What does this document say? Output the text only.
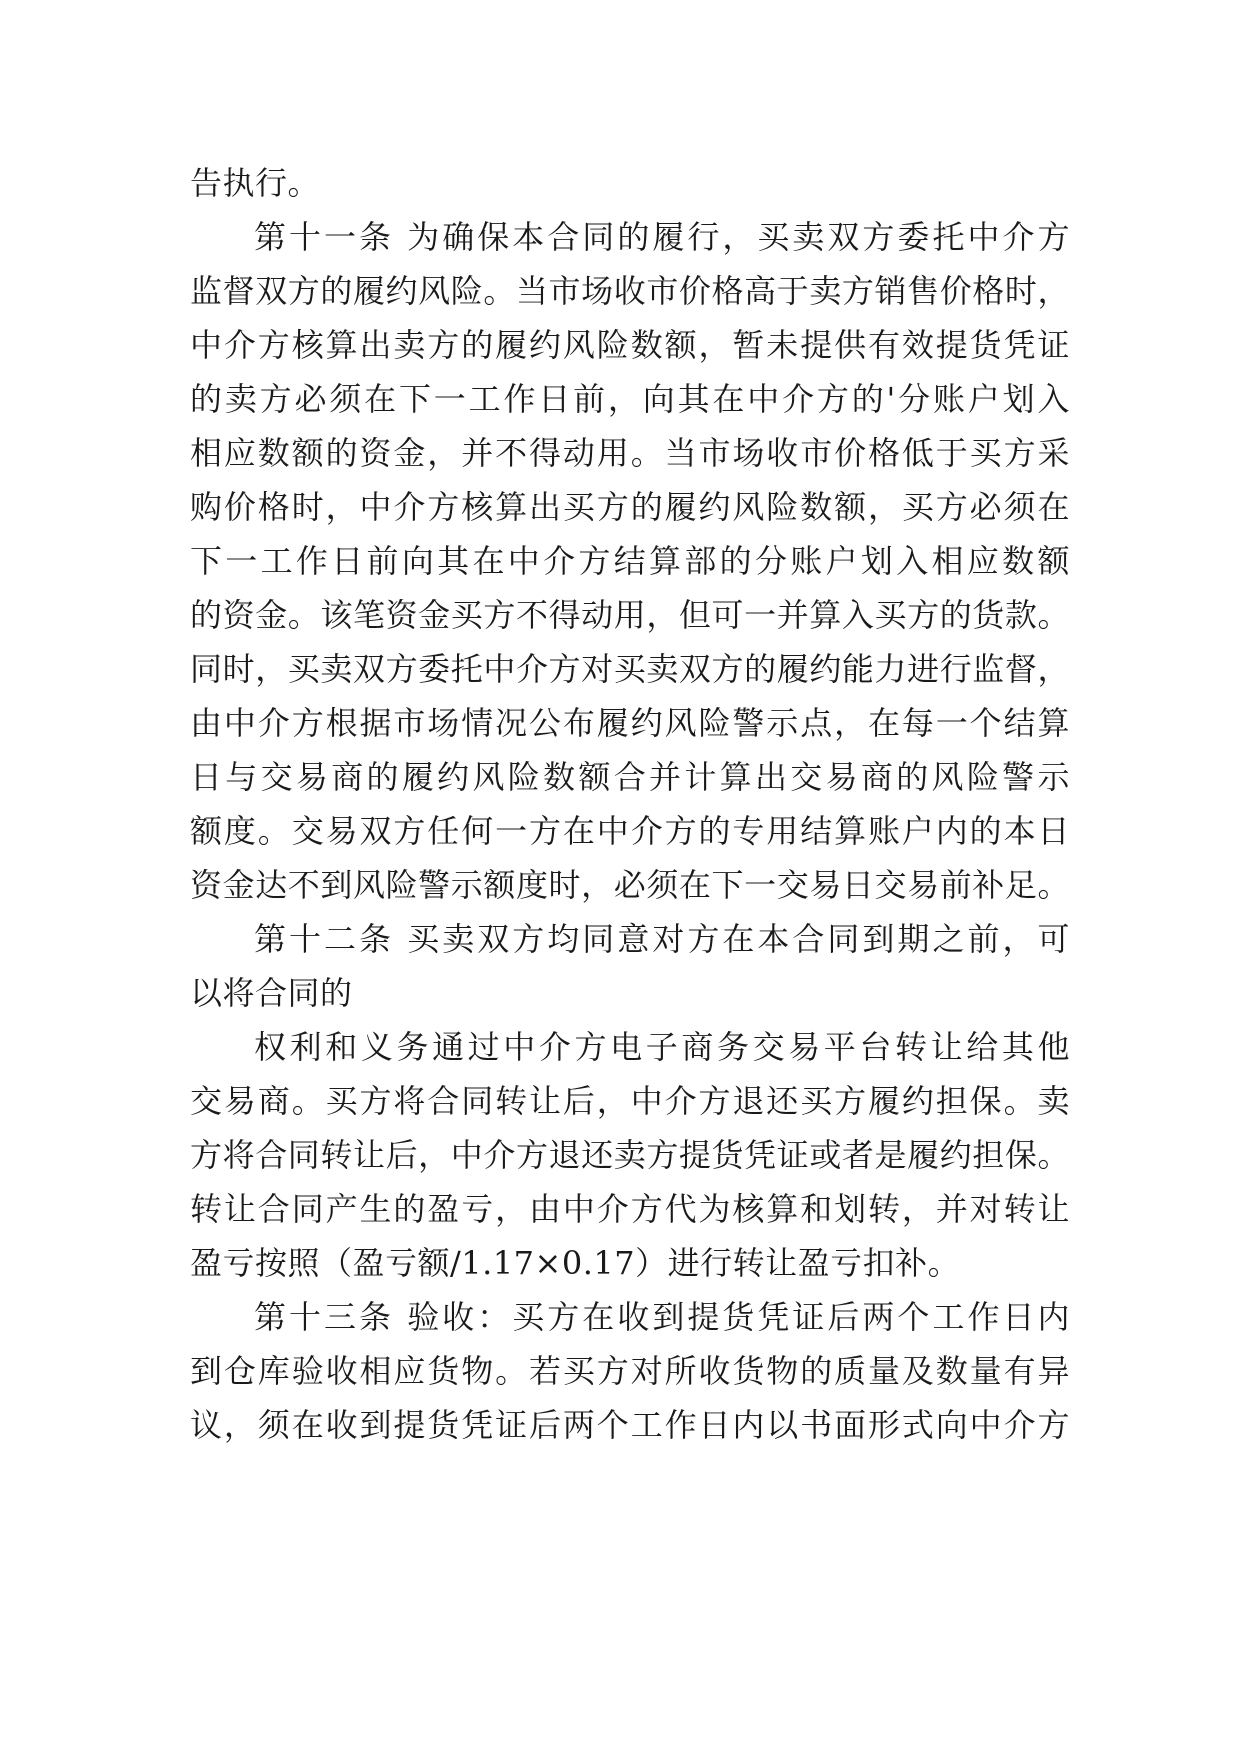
告执行。
第十一条 为确保本合同的履行，买卖双方委托中介方
监督双方的履约风险。当市场收市价格高于卖方销售价格时，
中介方核算出卖方的履约风险数额，暂未提供有效提货凭证
的卖方必须在下一工作日前，向其在中介方的'分账户划入
相应数额的资金，并不得动用。当市场收市价格低于买方采
购价格时，中介方核算出买方的履约风险数额，买方必须在
下一工作日前向其在中介方结算部的分账户划入相应数额
的资金。该笔资金买方不得动用，但可一并算入买方的货款。
同时，买卖双方委托中介方对买卖双方的履约能力进行监督，
由中介方根据市场情况公布履约风险警示点，在每一个结算
日与交易商的履约风险数额合并计算出交易商的风险警示
额度。交易双方任何一方在中介方的专用结算账户内的本日
资金达不到风险警示额度时，必须在下一交易日交易前补足。
第十二条 买卖双方均同意对方在本合同到期之前，可
以将合同的
权利和义务通过中介方电子商务交易平台转让给其他
交易商。买方将合同转让后，中介方退还买方履约担保。卖
方将合同转让后，中介方退还卖方提货凭证或者是履约担保。
转让合同产生的盈亏，由中介方代为核算和划转，并对转让
盈亏按照（盈亏额/1.17×0.17）进行转让盈亏扣补。
第十三条 验收：买方在收到提货凭证后两个工作日内
到仓库验收相应货物。若买方对所收货物的质量及数量有异
议，须在收到提货凭证后两个工作日内以书面形式向中介方
